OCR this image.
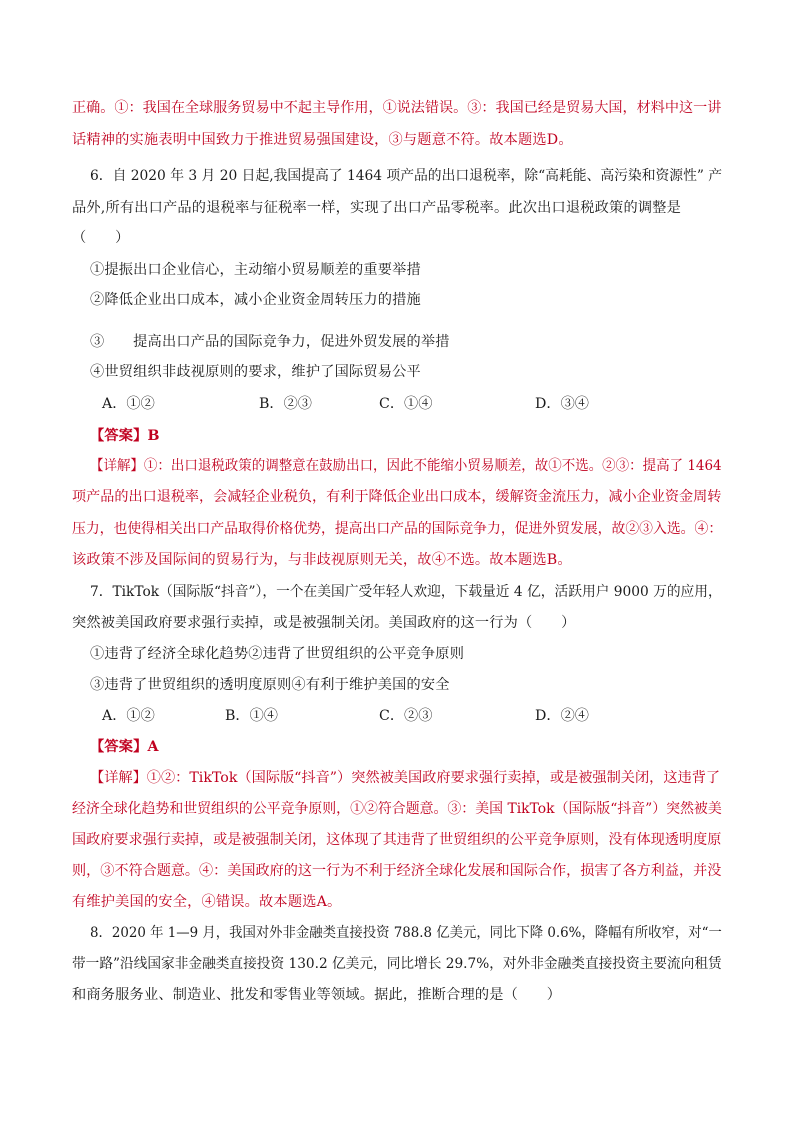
正确。①：我国在全球服务贸易中不起主导作用，①说法错误。③：我国已经是贸易大国，材料中这一讲
话精神的实施表明中国致力于推进贸易强国建设，③与题意不符。故本题选D。
6．自 2020 年 3 月 20 日起,我国提高了 1464 项产品的出口退税率，除“高耗能、高污染和资源性” 产
品外,所有出口产品的退税率与征税率一样，实现了出口产品零税率。此次出口退税政策的调整是
（　　）
①提振出口企业信心，主动缩小贸易顺差的重要举措
②降低企业出口成本，减小企业资金周转压力的措施
③　　提高出口产品的国际竞争力，促进外贸发展的举措
④世贸组织非歧视原则的要求，维护了国际贸易公平
A．①②	B．②③	C．①④	D．③④
【答案】B
【详解】①：出口退税政策的调整意在鼓励出口，因此不能缩小贸易顺差，故①不选。②③：提高了 1464
项产品的出口退税率，会减轻企业税负，有利于降低企业出口成本，缓解资金流压力，减小企业资金周转
压力，也使得相关出口产品取得价格优势，提高出口产品的国际竞争力，促进外贸发展，故②③入选。④：
该政策不涉及国际间的贸易行为，与非歧视原则无关，故④不选。故本题选B。
7．TikTok（国际版“抖音”），一个在美国广受年轻人欢迎，下载量近 4 亿，活跃用户 9000 万的应用，
突然被美国政府要求强行卖掉，或是被强制关闭。美国政府的这一行为（　　）
①违背了经济全球化趋势②违背了世贸组织的公平竞争原则
③违背了世贸组织的透明度原则④有利于维护美国的安全
A．①②	B．①④	C．②③	D．②④
【答案】A
【详解】①②：TikTok（国际版“抖音”）突然被美国政府要求强行卖掉，或是被强制关闭，这违背了
经济全球化趋势和世贸组织的公平竞争原则，①②符合题意。③：美国 TikTok（国际版“抖音”）突然被美
国政府要求强行卖掉，或是被强制关闭，这体现了其违背了世贸组织的公平竞争原则，没有体现透明度原
则，③不符合题意。④：美国政府的这一行为不利于经济全球化发展和国际合作，损害了各方利益，并没
有维护美国的安全，④错误。故本题选A。
8．2020 年 1—9 月，我国对外非金融类直接投资 788.8 亿美元，同比下降 0.6%，降幅有所收窄，对“一
带一路”沿线国家非金融类直接投资 130.2 亿美元，同比增长 29.7%，对外非金融类直接投资主要流向租赁
和商务服务业、制造业、批发和零售业等领域。据此，推断合理的是（　　）
